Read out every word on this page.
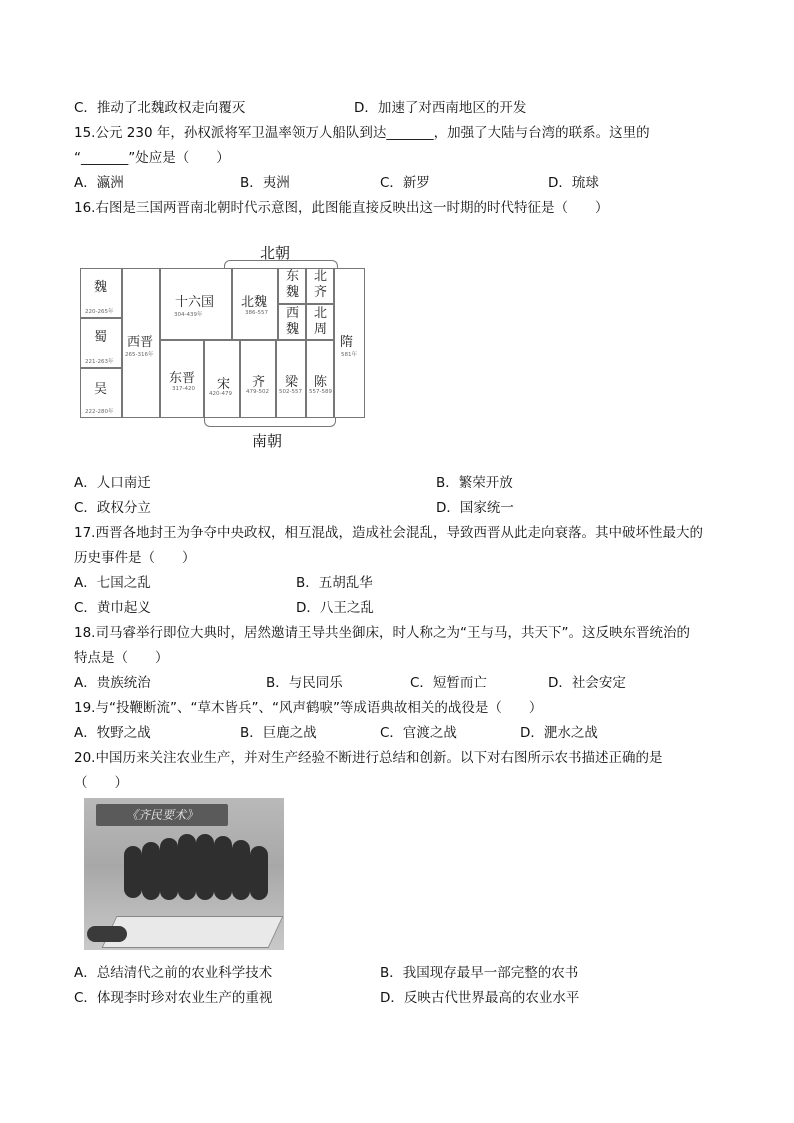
C．推动了北魏政权走向覆灭	D．加速了对西南地区的开发
15.公元 230 年，孙权派将军卫温率领万人船队到达_______，加强了大陆与台湾的联系。这里的
“_______”处应是（　　）
A．瀛洲	B．夷洲	C．新罗	D．琉球
16.右图是三国两晋南北朝时代示意图，此图能直接反映出这一时期的时代特征是（　　）
北朝
魏
220-265年
蜀
221-263年
吴
222-280年
西晋
265-316年
十六国
304-439年
北魏
386-557
东魏
北齐
西魏
北周
隋
581年
东晋
317-420 宋
420-479
齐
479-502
梁
502-557
陈
557-589
南朝
A．人口南迁	B．繁荣开放
C．政权分立	D．国家统一
17.西晋各地封王为争夺中央政权，相互混战，造成社会混乱，导致西晋从此走向衰落。其中破坏性最大的
历史事件是（　　）
A．七国之乱	B．五胡乱华
C．黄巾起义	D．八王之乱
18.司马睿举行即位大典时，居然邀请王导共坐御床，时人称之为“王与马，共天下”。这反映东晋统治的
特点是（　　）
A．贵族统治	B．与民同乐	C．短暂而亡	D．社会安定
19.与“投鞭断流”、“草木皆兵”、“风声鹤唳”等成语典故相关的战役是（　　）
A．牧野之战	B．巨鹿之战	C．官渡之战	D．淝水之战
20.中国历来关注农业生产，并对生产经验不断进行总结和创新。以下对右图所示农书描述正确的是
（　　）
《齐民要术》
A．总结清代之前的农业科学技术	B．我国现存最早一部完整的农书
C．体现李时珍对农业生产的重视	D．反映古代世界最高的农业水平
